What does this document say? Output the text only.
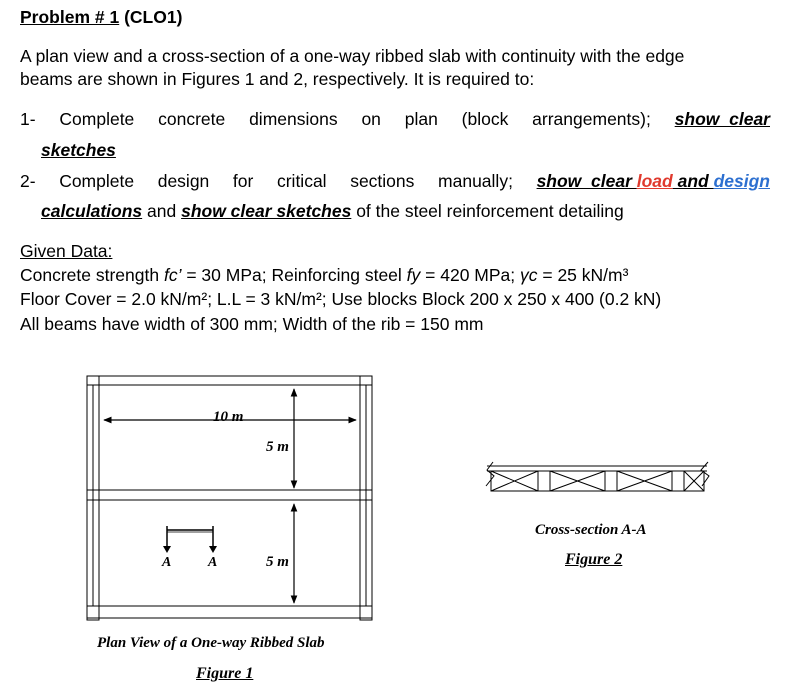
Problem # 1 (CLO1)
A plan view and a cross-section of a one-way ribbed slab with continuity with the edge
beams are shown in Figures 1 and 2, respectively. It is required to:
1- Complete concrete dimensions on plan (block arrangements); show  clear
sketches
2- Complete design for critical sections manually; show  clear load and design
calculations and show clear sketches of the steel reinforcement detailing
Given Data:
Concrete strength fc’ = 30 MPa; Reinforcing steel fy = 420 MPa; γc = 25 kN/m³
Floor Cover = 2.0 kN/m²; L.L = 3 kN/m²; Use blocks Block 200 x 250 x 400 (0.2 kN)
All beams have width of 300 mm; Width of the rib = 150 mm
10 m
5 m
5 m
A	A
Plan View of a One-way Ribbed Slab
Figure 1
Cross-section A-A
Figure 2
